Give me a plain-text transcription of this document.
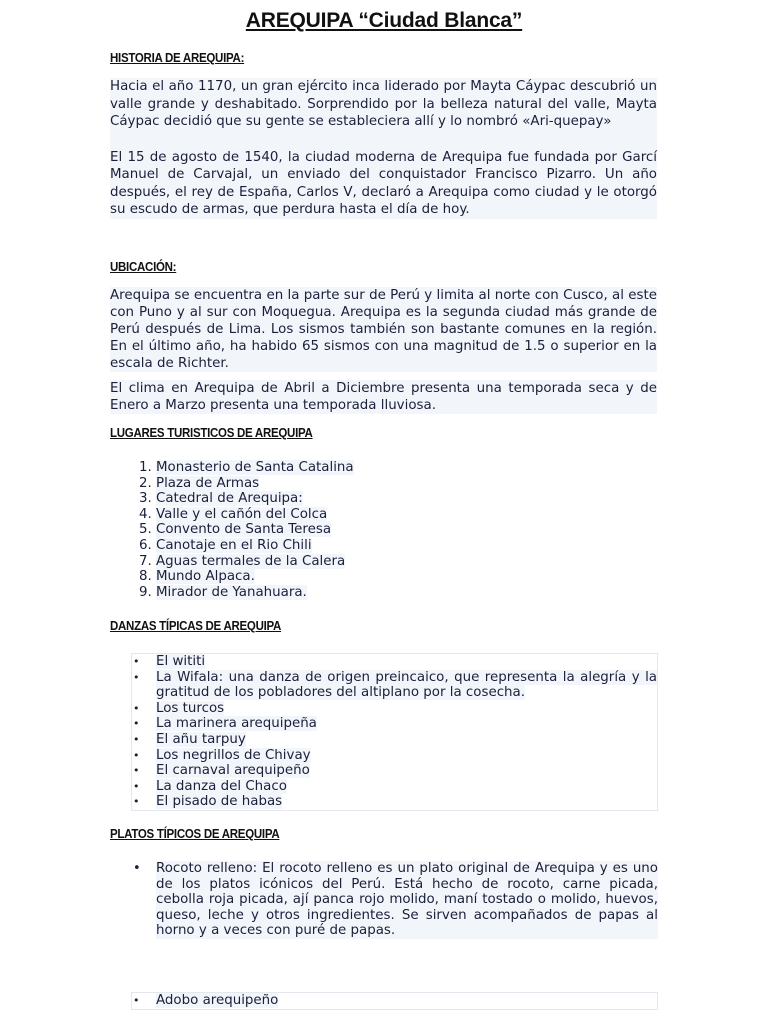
AREQUIPA “Ciudad Blanca”
HISTORIA DE AREQUIPA:

Hacia el año 1170, un gran ejército inca liderado por Mayta Cáypac descubrió un valle grande y deshabitado. Sorprendido por la belleza natural del valle, Mayta Cáypac decidió que su gente se estableciera allí y lo nombró «Ari-quepay»

El 15 de agosto de 1540, la ciudad moderna de Arequipa fue fundada por Garcí Manuel de Carvajal, un enviado del conquistador Francisco Pizarro. Un año después, el rey de España, Carlos V, declaró a Arequipa como ciudad y le otorgó su escudo de armas, que perdura hasta el día de hoy.

UBICACIÓN:
Arequipa se encuentra en la parte sur de Perú y limita al norte con Cusco, al este con Puno y al sur con Moquegua. Arequipa es la segunda ciudad más grande de Perú después de Lima. Los sismos también son bastante comunes en la región. En el último año, ha habido 65 sismos con una magnitud de 1.5 o superior en la escala de Richter.
El clima en Arequipa de Abril a Diciembre presenta una temporada seca y de Enero a Marzo presenta una temporada lluviosa.
LUGARES TURISTICOS DE AREQUIPA
1. Monasterio de Santa Catalina
2. Plaza de Armas
3. Catedral de Arequipa:
4. Valle y el cañón del Colca
5. Convento de Santa Teresa
6. Canotaje en el Rio Chili
7. Aguas termales de la Calera
8. Mundo Alpaca.
9. Mirador de Yanahuara.
DANZAS TÍPICAS DE AREQUIPA
• El wititi
• La Wifala: una danza de origen preincaico, que representa la alegría y la gratitud de los pobladores del altiplano por la cosecha.
• Los turcos
• La marinera arequipeña
• El añu tarpuy
• Los negrillos de Chivay
• El carnaval arequipeño
• La danza del Chaco
• El pisado de habas
PLATOS TÍPICOS DE AREQUIPA
• Rocoto relleno: El rocoto relleno es un plato original de Arequipa y es uno de los platos icónicos del Perú. Está hecho de rocoto, carne picada, cebolla roja picada, ají panca rojo molido, maní tostado o molido, huevos, queso, leche y otros ingredientes. Se sirven acompañados de papas al horno y a veces con puré de papas.
• Adobo arequipeño
